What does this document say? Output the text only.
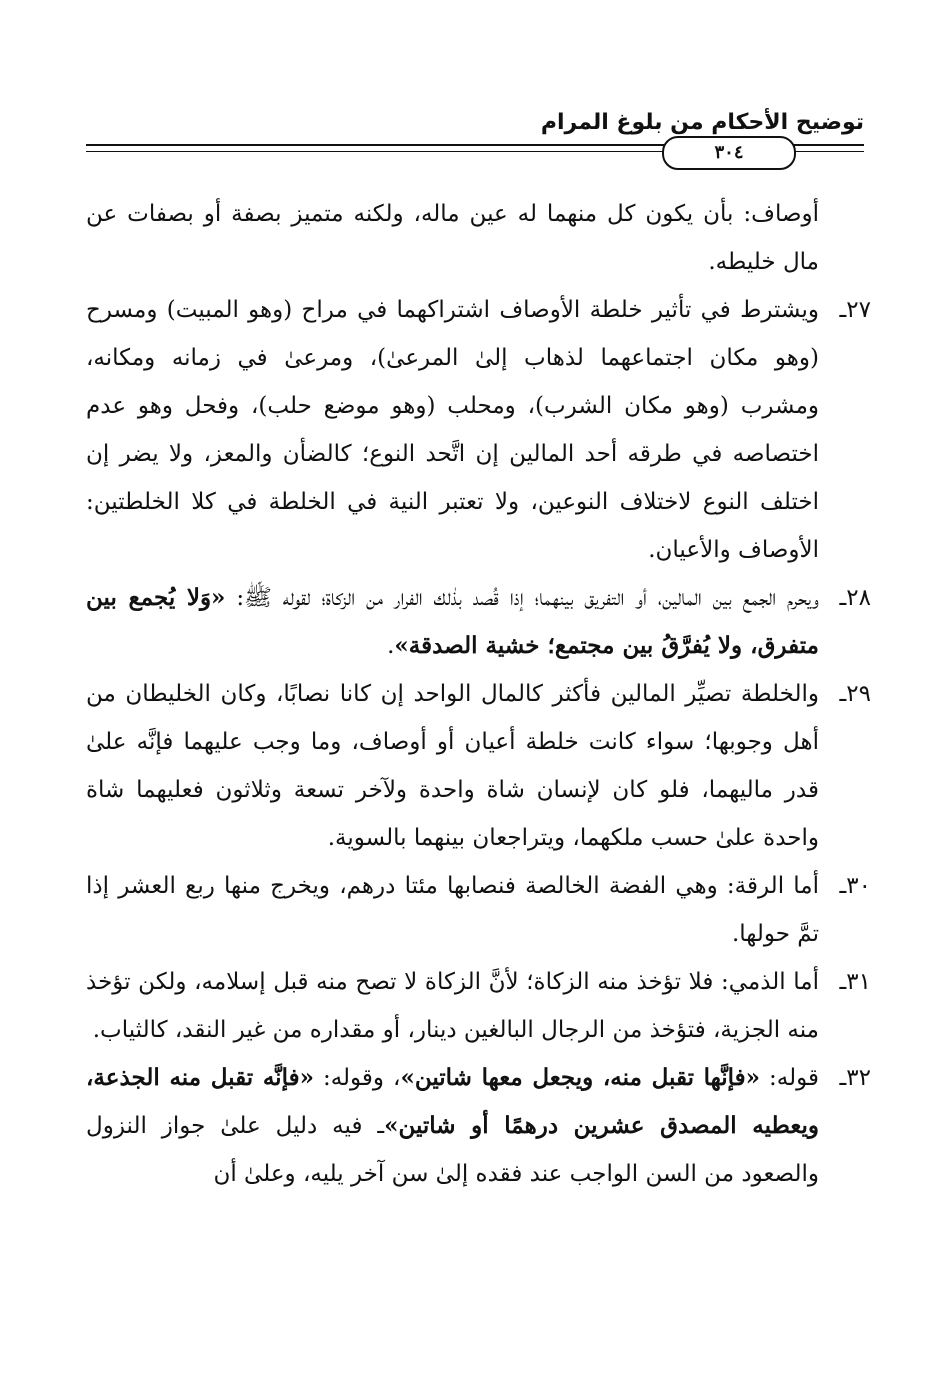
توضيح الأحكام من بلوغ المرام
٣٠٤

أوصاف: بأن يكون كل منهما له عين ماله، ولكنه متميز بصفة أو بصفات عن مال خليطه.

٢٧ ـ
ويشترط في تأثير خلطة الأوصاف اشتراكهما في مراح (وهو المبيت) ومسرح (وهو مكان اجتماعهما لذهاب إلىٰ المرعىٰ)، ومرعىٰ في زمانه ومكانه، ومشرب (وهو مكان الشرب)، ومحلب (وهو موضع حلب)، وفحل وهو عدم اختصاصه في طرقه أحد المالين إن اتَّحد النوع؛ كالضأن والمعز، ولا يضر إن اختلف النوع لاختلاف النوعين، ولا تعتبر النية في الخلطة في كلا الخلطتين: الأوصاف والأعيان.
٢٨ ـ
ويحرم الجمع بين المالين، أو التفريق بينهما؛ إذا قُصد بذٰلك الفرار من الزكاة؛ لقوله ﷺ: «وَلا يُجمع بين متفرق، ولا يُفرَّقُ بين مجتمع؛ خشية الصدقة».
٢٩ ـ
والخلطة تصيِّر المالين فأكثر كالمال الواحد إن كانا نصابًا، وكان الخليطان من أهل وجوبها؛ سواء كانت خلطة أعيان أو أوصاف، وما وجب عليهما فإنَّه علىٰ قدر ماليهما، فلو كان لإنسان شاة واحدة ولآخر تسعة وثلاثون فعليهما شاة واحدة علىٰ حسب ملكهما، ويتراجعان بينهما بالسوية.
٣٠ ـ
أما الرقة: وهي الفضة الخالصة فنصابها مئتا درهم، ويخرج منها ربع العشر إذا تمَّ حولها.
٣١ ـ
أما الذمي: فلا تؤخذ منه الزكاة؛ لأنَّ الزكاة لا تصح منه قبل إسلامه، ولكن تؤخذ منه الجزية، فتؤخذ من الرجال البالغين دينار، أو مقداره من غير النقد، كالثياب.
٣٢ ـ
قوله: «فإنَّها تقبل منه، ويجعل معها شاتين»، وقوله: «فإنَّه تقبل منه الجذعة، ويعطيه المصدق عشرين درهمًا أو شاتين»ـ فيه دليل علىٰ جواز النزول والصعود من السن الواجب عند فقده إلىٰ سن آخر يليه، وعلىٰ أن
